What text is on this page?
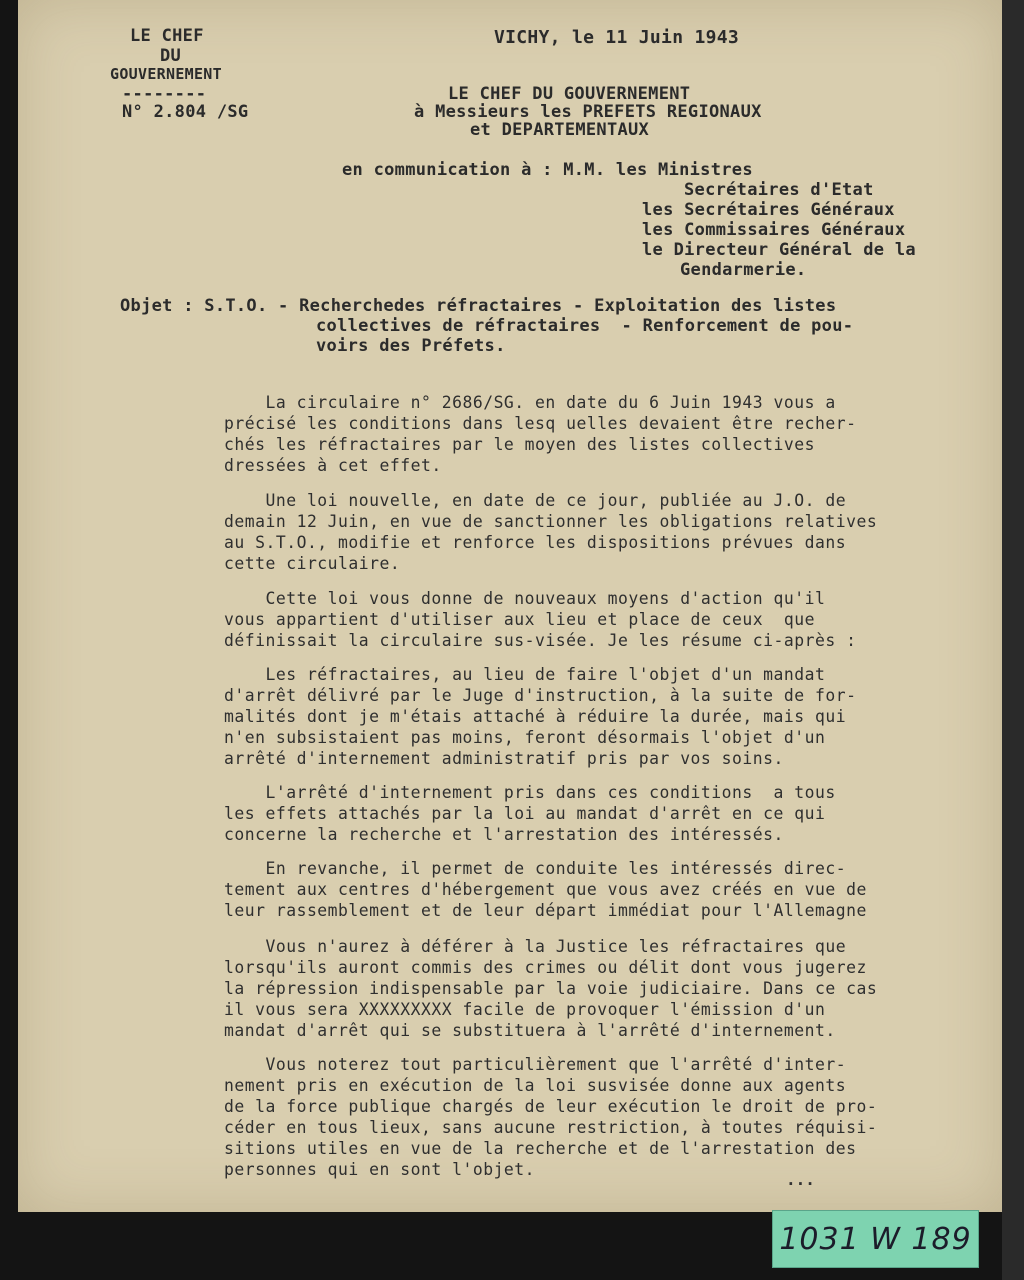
LE CHEF

DU

GOUVERNEMENT

--------

N° 2.804 /SG

VICHY, le 11 Juin 1943

LE CHEF DU GOUVERNEMENT

à Messieurs les PREFETS REGIONAUX

et DEPARTEMENTAUX

en communication à : M.M. les Ministres

Secrétaires d'Etat

les Secrétaires Généraux

les Commissaires Généraux

le Directeur Général de la

Gendarmerie.

Objet : S.T.O. - Recherchedes réfractaires - Exploitation des listes

collectives de réfractaires  - Renforcement de pou-

voirs des Préfets.

La circulaire n° 2686/SG. en date du 6 Juin 1943 vous a
précisé les conditions dans lesq uelles devaient être recher-
chés les réfractaires par le moyen des listes collectives
dressées à cet effet.

Une loi nouvelle, en date de ce jour, publiée au J.O. de
demain 12 Juin, en vue de sanctionner les obligations relatives
au S.T.O., modifie et renforce les dispositions prévues dans
cette circulaire.

Cette loi vous donne de nouveaux moyens d'action qu'il
vous appartient d'utiliser aux lieu et place de ceux  que
définissait la circulaire sus-visée. Je les résume ci-après :

Les réfractaires, au lieu de faire l'objet d'un mandat
d'arrêt délivré par le Juge d'instruction, à la suite de for-
malités dont je m'étais attaché à réduire la durée, mais qui
n'en subsistaient pas moins, feront désormais l'objet d'un
arrêté d'internement administratif pris par vos soins.

L'arrêté d'internement pris dans ces conditions  a tous
les effets attachés par la loi au mandat d'arrêt en ce qui
concerne la recherche et l'arrestation des intéressés.

En revanche, il permet de conduite les intéressés direc-
tement aux centres d'hébergement que vous avez créés en vue de
leur rassemblement et de leur départ immédiat pour l'Allemagne

Vous n'aurez à déférer à la Justice les réfractaires que
lorsqu'ils auront commis des crimes ou délit dont vous jugerez
la répression indispensable par la voie judiciaire. Dans ce cas
il vous sera XXXXXXXXX facile de provoquer l'émission d'un
mandat d'arrêt qui se substituera à l'arrêté d'internement.

Vous noterez tout particulièrement que l'arrêté d'inter-
nement pris en exécution de la loi susvisée donne aux agents
de la force publique chargés de leur exécution le droit de pro-
céder en tous lieux, sans aucune restriction, à toutes réquisi-
sitions utiles en vue de la recherche et de l'arrestation des
personnes qui en sont l'objet.

...
1031 W 189
